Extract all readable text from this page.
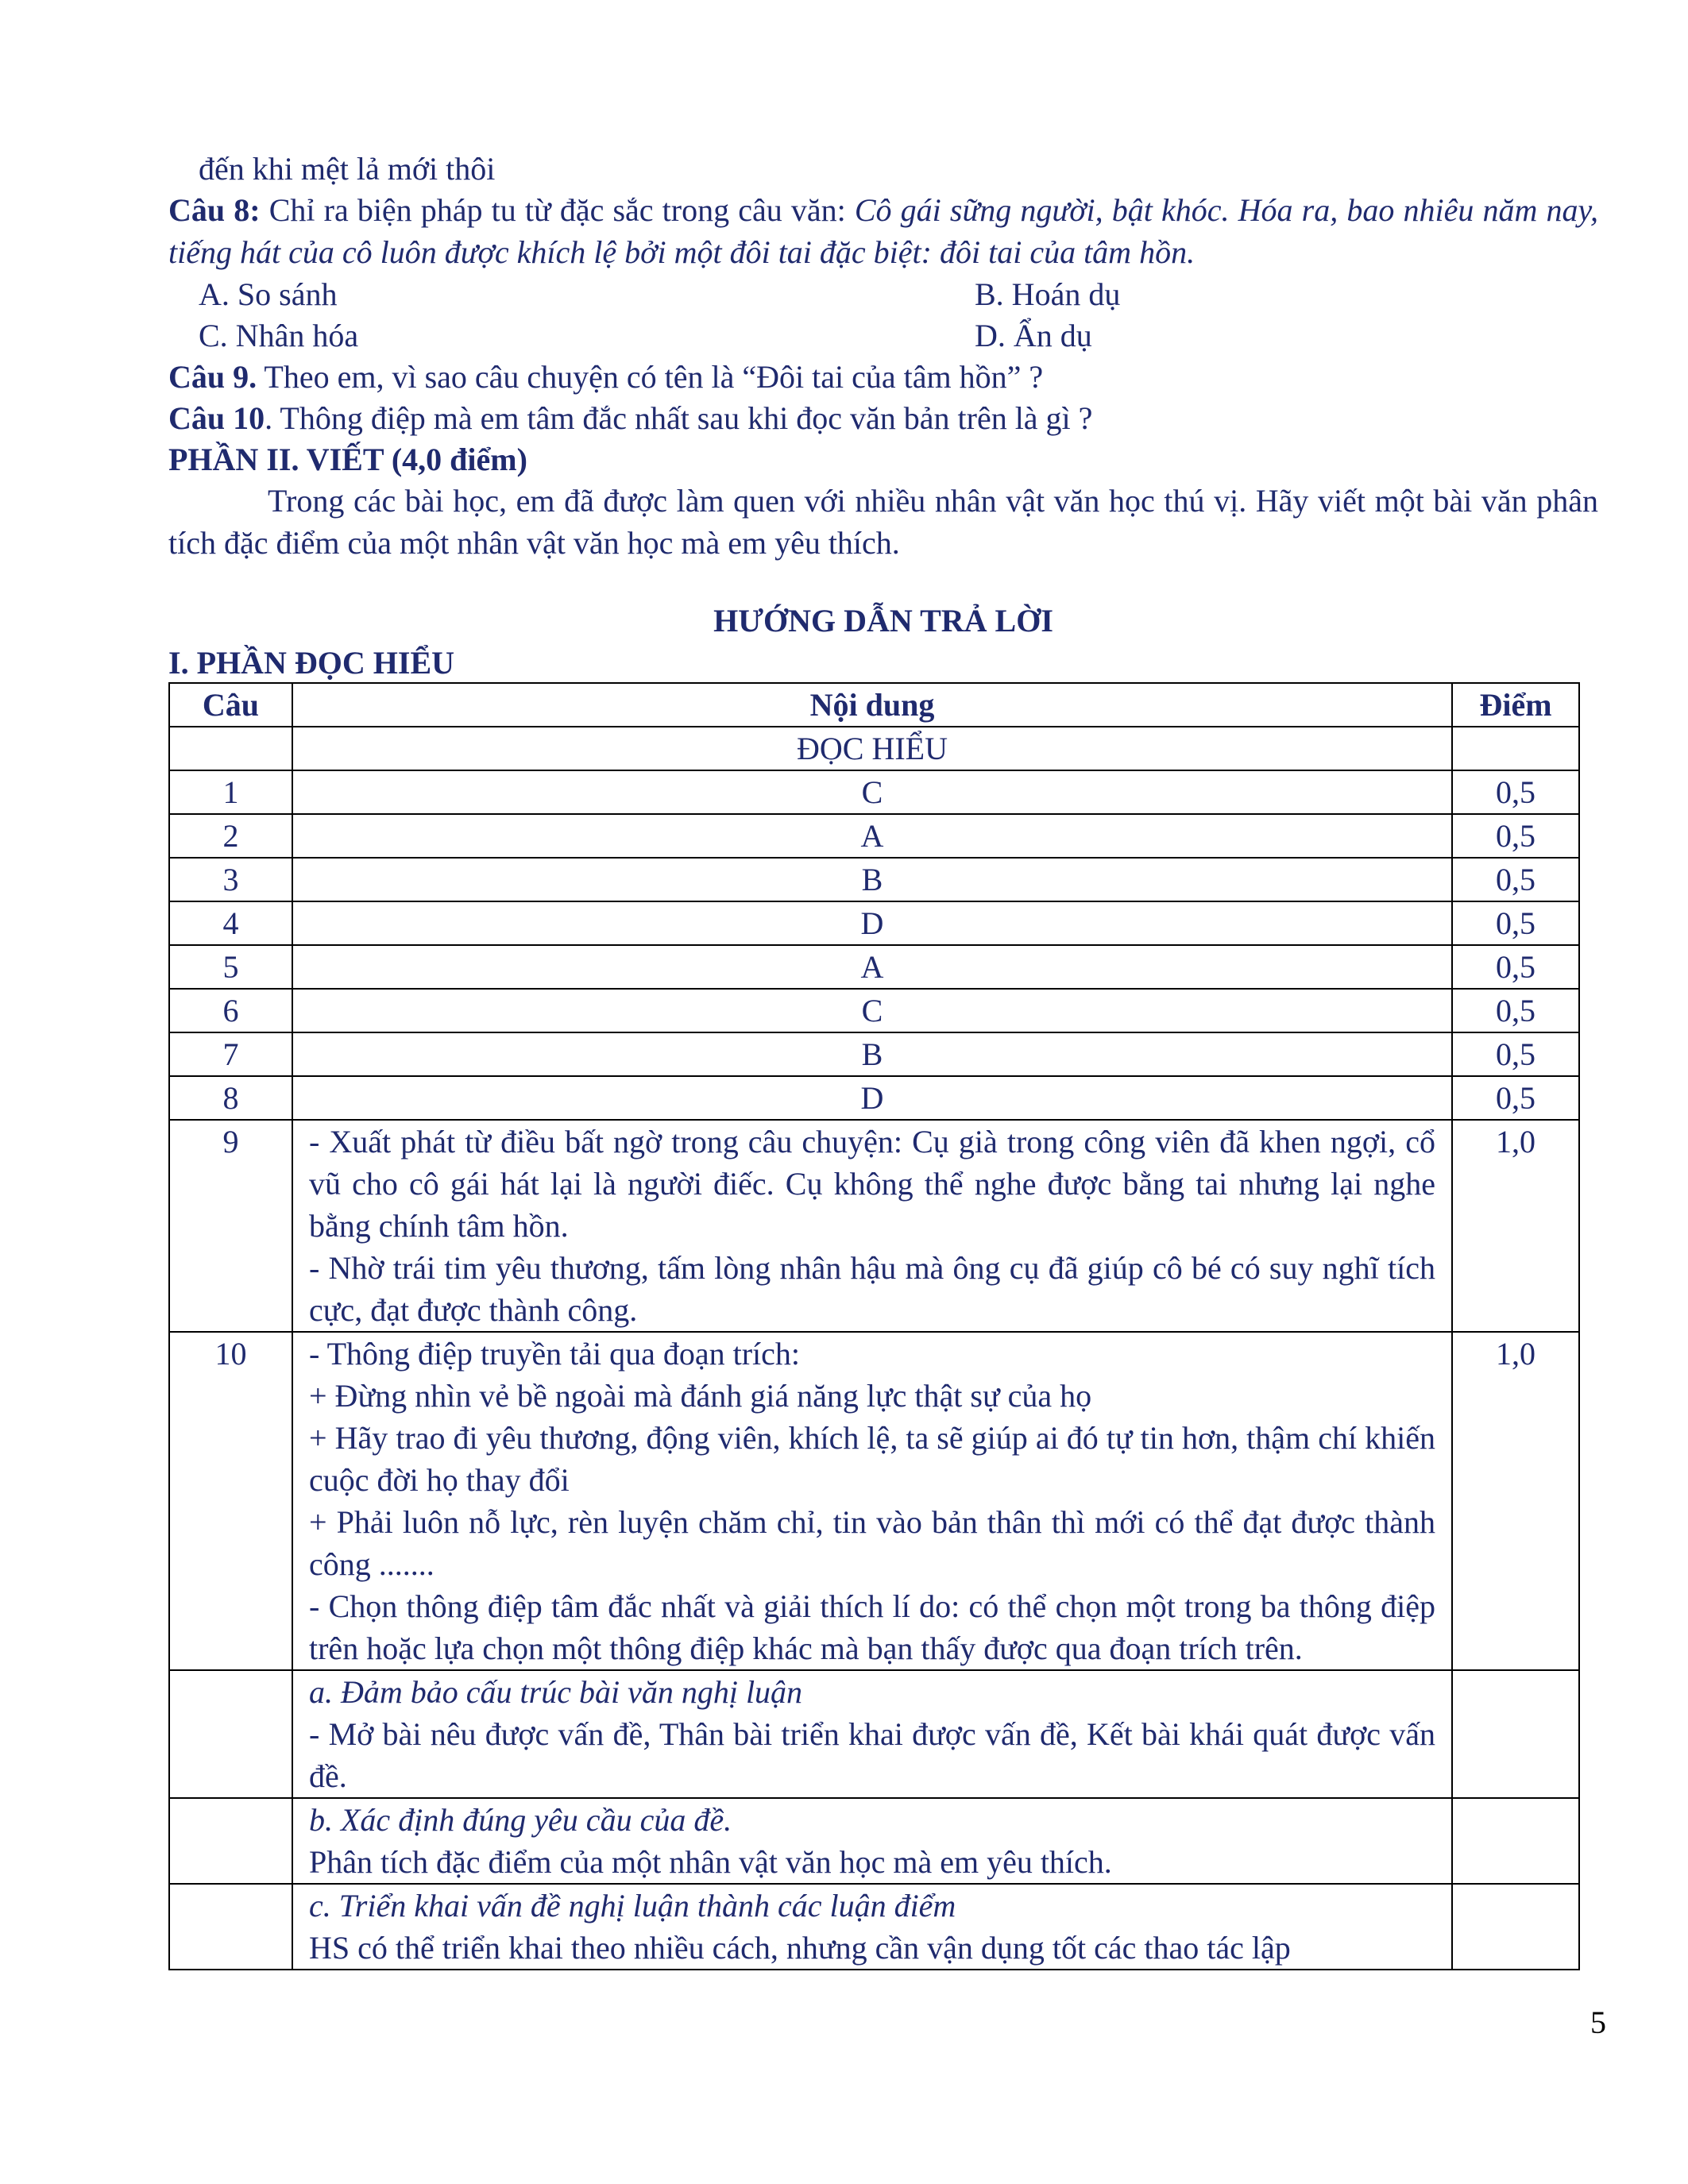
đến khi mệt lả mới thôi
Câu 8: Chỉ ra biện pháp tu từ đặc sắc trong câu văn: Cô gái sững người, bật khóc. Hóa ra, bao nhiêu năm nay, tiếng hát của cô luôn được khích lệ bởi một đôi tai đặc biệt: đôi tai của tâm hồn.
A. So sánh	B. Hoán dụ
C. Nhân hóa	D. Ẩn dụ
Câu 9. Theo em, vì sao câu chuyện có tên là “Đôi tai của tâm hồn” ?
Câu 10. Thông điệp mà em tâm đắc nhất sau khi đọc văn bản trên là gì ?
PHẦN II. VIẾT (4,0 điểm)
Trong các bài học, em đã được làm quen với nhiều nhân vật văn học thú vị. Hãy viết một bài văn phân tích đặc điểm của một nhân vật văn học mà em yêu thích.
HƯỚNG DẪN TRẢ LỜI
I. PHẦN ĐỌC HIỂU
Câu	Nội dung	Điểm
	ĐỌC HIỂU	
1	C	0,5
2	A	0,5
3	B	0,5
4	D	0,5
5	A	0,5
6	C	0,5
7	B	0,5
8	D	0,5
9	- Xuất phát từ điều bất ngờ trong câu chuyện: Cụ già trong công viên đã khen ngợi, cổ vũ cho cô gái hát lại là người điếc. Cụ không thể nghe được bằng tai nhưng lại nghe bằng chính tâm hồn.

- Nhờ trái tim yêu thương, tấm lòng nhân hậu mà ông cụ đã giúp cô bé có suy nghĩ tích cực, đạt được thành công.	1,0
10	- Thông điệp truyền tải qua đoạn trích:

+ Đừng nhìn vẻ bề ngoài mà đánh giá năng lực thật sự của họ

+ Hãy trao đi yêu thương, động viên, khích lệ, ta sẽ giúp ai đó tự tin hơn, thậm chí khiến cuộc đời họ thay đổi

+ Phải luôn nỗ lực, rèn luyện chăm chỉ, tin vào bản thân thì mới có thể đạt được thành công .......

- Chọn thông điệp tâm đắc nhất và giải thích lí do: có thể chọn một trong ba thông điệp trên hoặc lựa chọn một thông điệp khác mà bạn thấy được qua đoạn trích trên.	1,0

	a. Đảm bảo cấu trúc bài văn nghị luận

- Mở bài nêu được vấn đề, Thân bài triển khai được vấn đề, Kết bài khái quát được vấn đề.	

	b. Xác định đúng yêu cầu của đề.

Phân tích đặc điểm của một nhân vật văn học mà em yêu thích.	

	c. Triển khai vấn đề nghị luận thành các luận điểm

HS có thể triển khai theo nhiều cách, nhưng cần vận dụng tốt các thao tác lập	

5
